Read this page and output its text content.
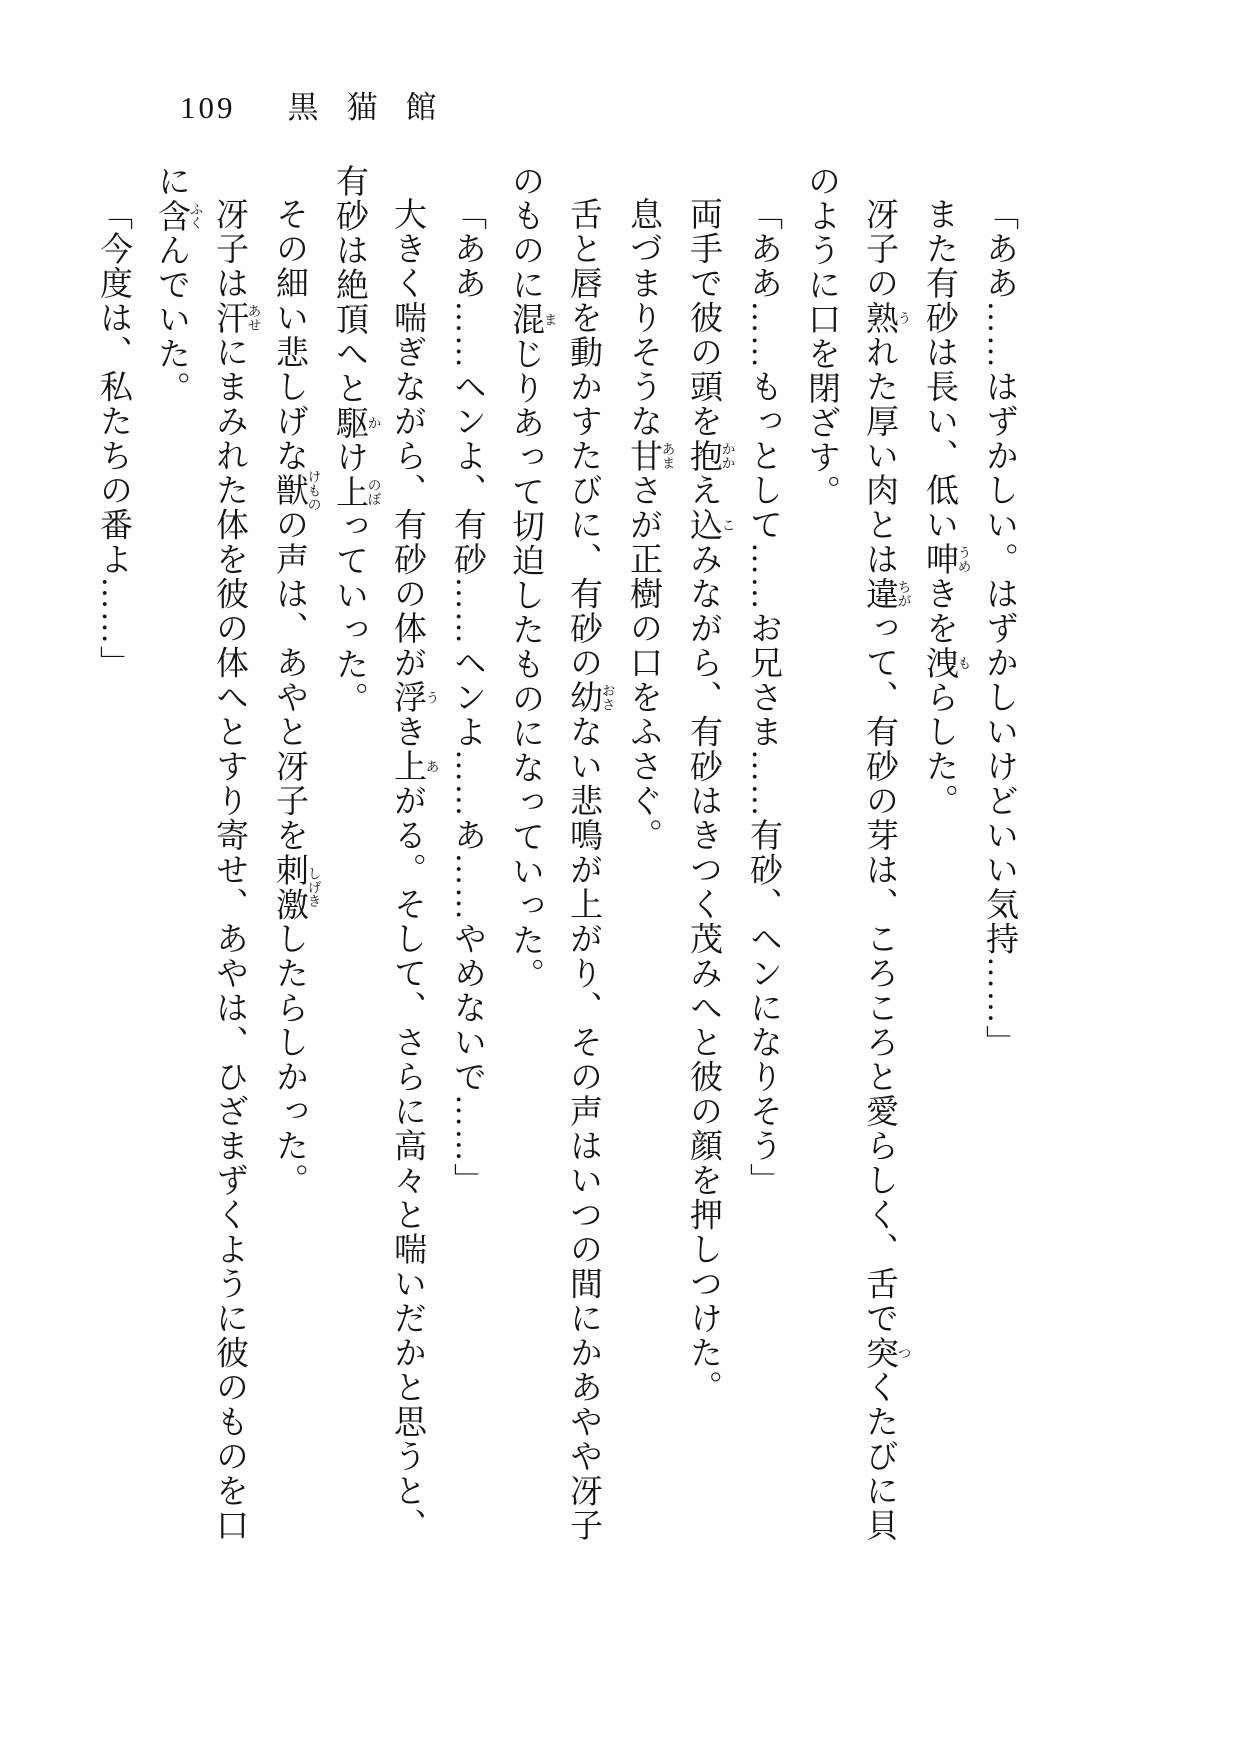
109 黒猫館

「ああ……はずかしい。はずかしいけどいい気持……」

また有砂は長い、低い呻うめきを洩もらした。

冴子の熟うれた厚い肉とは違ちがって、有砂の芽は、ころころと愛らしく、舌で突つくたびに貝のように口を閉ざす。

「ああ……もっとして……お兄さま……有砂、ヘンになりそう」

両手で彼の頭を抱かかえ込こみながら、有砂はきつく茂みへと彼の顔を押しつけた。

息づまりそうな甘あまさが正樹の口をふさぐ。

舌と唇を動かすたびに、有砂の幼おさない悲鳴が上がり、その声はいつの間にかあやや冴子のものに混まじりあって切迫したものになっていった。

「ああ……ヘンよ、有砂……ヘンよ……あ……やめないで……」

大きく喘ぎながら、有砂の体が浮うき上あがる。そして、さらに高々と喘いだかと思うと、有砂は絶頂へと駆かけ上のぼっていった。

その細い悲しげな獣けものの声は、あやと冴子を刺激しげきしたらしかった。

冴子は汗あせにまみれた体を彼の体へとすり寄せ、あやは、ひざまずくように彼のものを口に含ふくんでいた。

「今度は、私たちの番よ……」
